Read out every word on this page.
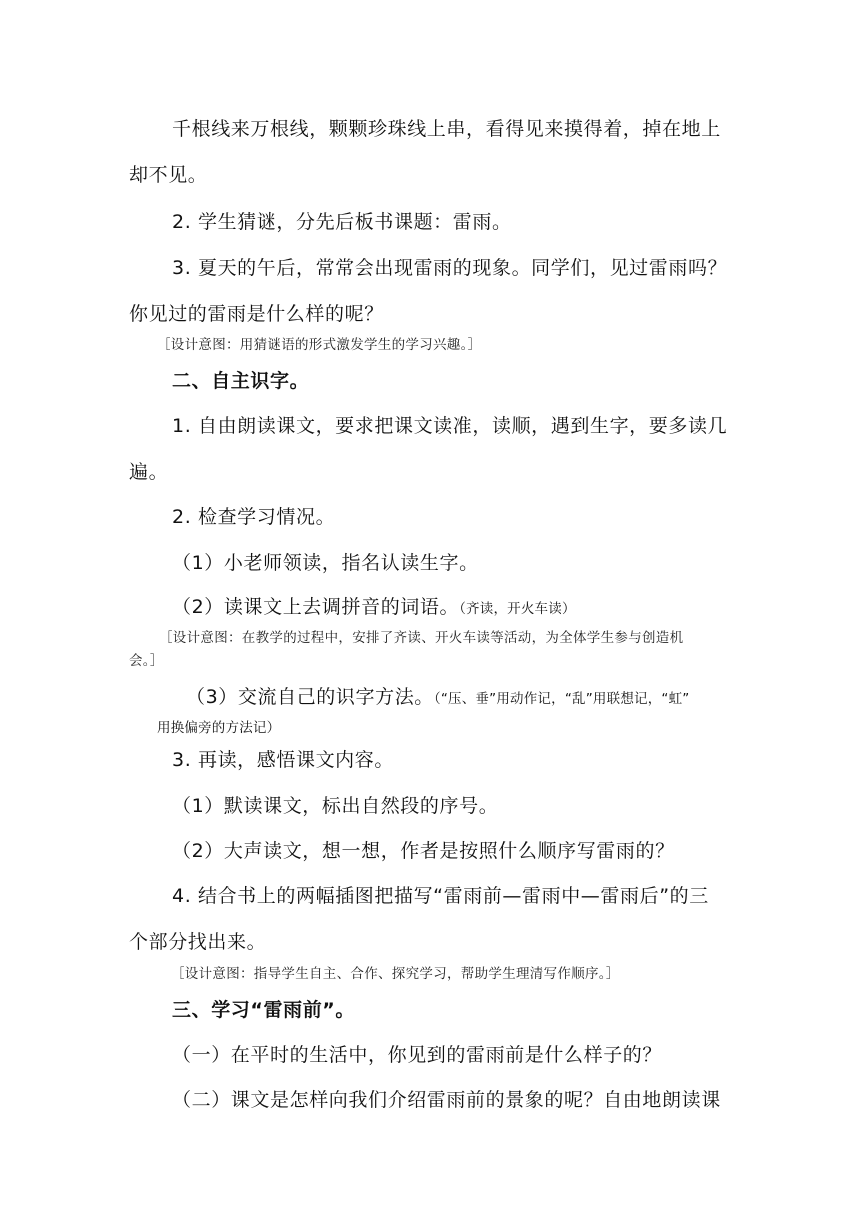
千根线来万根线，颗颗珍珠线上串，看得见来摸得着，掉在地上
却不见。
2. 学生猜谜，分先后板书课题：雷雨。
3. 夏天的午后，常常会出现雷雨的现象。同学们，见过雷雨吗？
你见过的雷雨是什么样的呢？
［设计意图：用猜谜语的形式激发学生的学习兴趣。］
二、自主识字。
1. 自由朗读课文，要求把课文读准，读顺，遇到生字，要多读几
遍。
2. 检查学习情况。
（1）小老师领读，指名认读生字。
（2）读课文上去调拼音的词语。（齐读，开火车读）
［设计意图：在教学的过程中，安排了齐读、开火车读等活动，为全体学生参与创造机
会。］
（3）交流自己的识字方法。（“压、垂”用动作记，“乱”用联想记，“虹”
用换偏旁的方法记）
3. 再读，感悟课文内容。
（1）默读课文，标出自然段的序号。
（2）大声读文，想一想，作者是按照什么顺序写雷雨的？
4. 结合书上的两幅插图把描写“雷雨前—雷雨中—雷雨后”的三
个部分找出来。
［设计意图：指导学生自主、合作、探究学习，帮助学生理清写作顺序。］
三、学习“雷雨前”。
（一）在平时的生活中，你见到的雷雨前是什么样子的？
（二）课文是怎样向我们介绍雷雨前的景象的呢？自由地朗读课
